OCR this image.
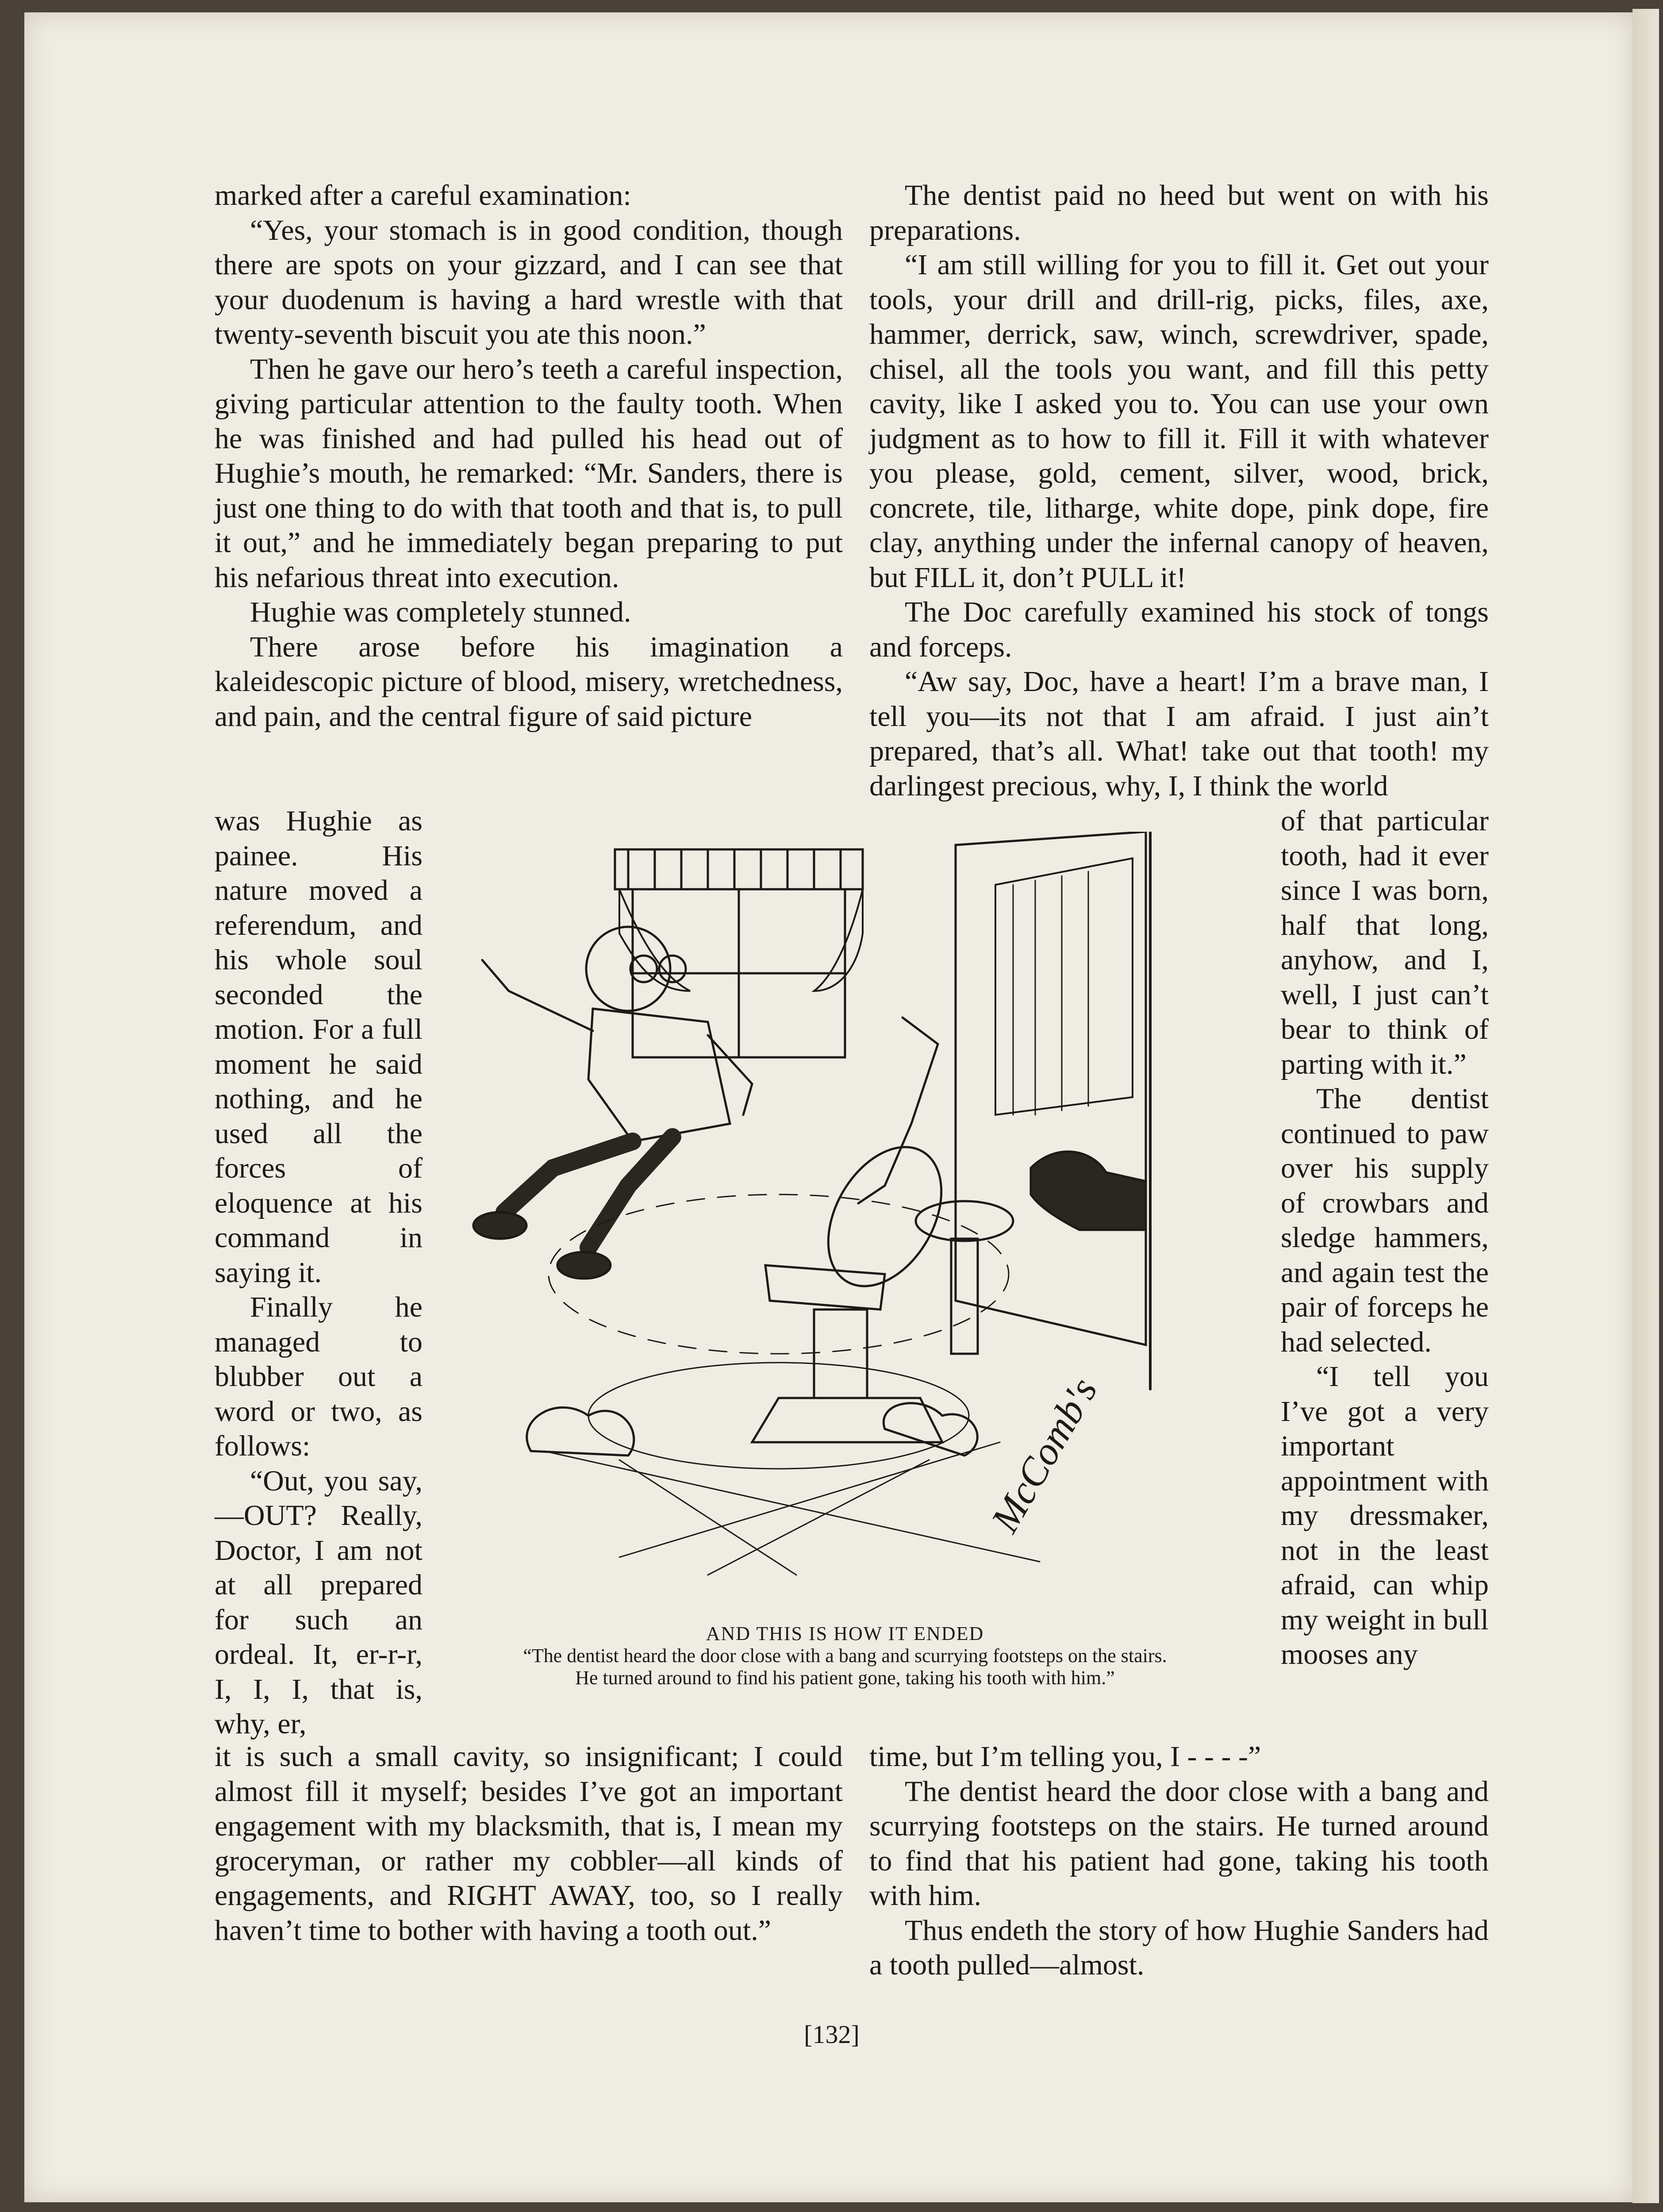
marked after a careful examination:

“Yes, your stomach is in good condition, though there are spots on your gizzard, and I can see that your duodenum is having a hard wrestle with that twenty-seventh biscuit you ate this noon.”

Then he gave our hero’s teeth a careful inspection, giving particular attention to the faulty tooth. When he was finished and had pulled his head out of Hughie’s mouth, he remarked: “Mr. Sanders, there is just one thing to do with that tooth and that is, to pull it out,” and he immediately began preparing to put his nefarious threat into execution.

Hughie was completely stunned.

There arose before his imagination a kaleidescopic picture of blood, misery, wretchedness, and pain, and the central figure of said picture

was Hughie as painee. His nature moved a referendum, and his whole soul seconded the motion. For a full moment he said nothing, and he used all the forces of eloquence at his command in saying it.

Finally he managed to blubber out a word or two, as follows:

“Out, you say,—OUT? Really, Doctor, I am not at all prepared for such an ordeal. It, er-r-r, I, I, I, that is, why, er,

it is such a small cavity, so insignificant; I could almost fill it myself; besides I’ve got an important engagement with my blacksmith, that is, I mean my groceryman, or rather my cobbler—all kinds of engagements, and RIGHT AWAY, too, so I really haven’t time to bother with having a tooth out.”

The dentist paid no heed but went on with his preparations.

“I am still willing for you to fill it. Get out your tools, your drill and drill-rig, picks, files, axe, hammer, derrick, saw, winch, screwdriver, spade, chisel, all the tools you want, and fill this petty cavity, like I asked you to. You can use your own judgment as to how to fill it. Fill it with whatever you please, gold, cement, silver, wood, brick, concrete, tile, litharge, white dope, pink dope, fire clay, anything under the infernal canopy of heaven, but FILL it, don’t PULL it!

The Doc carefully examined his stock of tongs and forceps.

“Aw say, Doc, have a heart! I’m a brave man, I tell you—its not that I am afraid. I just ain’t prepared, that’s all. What! take out that tooth! my darlingest precious, why, I, I think the world

of that particular tooth, had it ever since I was born, half that long, anyhow, and I, well, I just can’t bear to think of parting with it.”

The dentist continued to paw over his supply of crowbars and sledge hammers, and again test the pair of forceps he had selected.

“I tell you I’ve got a very important appointment with my dressmaker, not in the least afraid, can whip my weight in bull mooses any

time, but I’m telling you, I - - - -”

The dentist heard the door close with a bang and scurrying footsteps on the stairs. He turned around to find that his patient had gone, taking his tooth with him.

Thus endeth the story of how Hughie Sanders had a tooth pulled—almost.

McComb's
AND THIS IS HOW IT ENDED
“The dentist heard the door close with a bang and scurrying footsteps on the stairs.
He turned around to find his patient gone, taking his tooth with him.”
[132]
